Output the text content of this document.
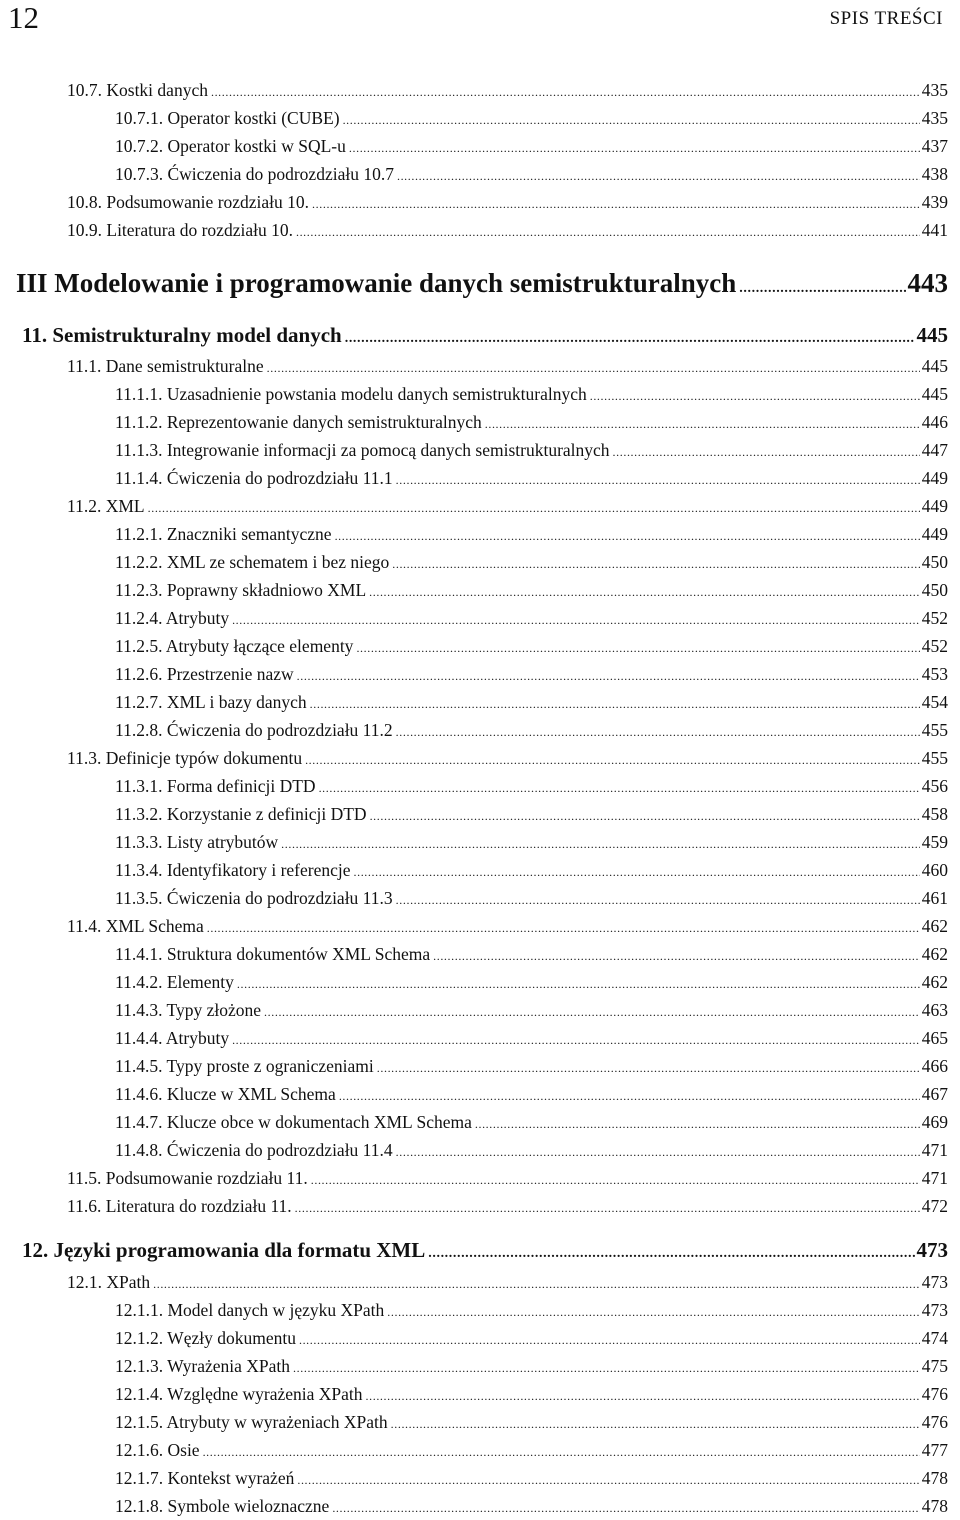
12	SPIS TREŚCI
10.7. Kostki danych .....	435
10.7.1. Operator kostki (CUBE) .....	435
10.7.2. Operator kostki w SQL-u .....	437
10.7.3. Ćwiczenia do podrozdziału 10.7 .....	438
10.8. Podsumowanie rozdziału 10. .....	439
10.9. Literatura do rozdziału 10. .....	441
III Modelowanie i programowanie danych semistrukturalnych .....	443
11. Semistrukturalny model danych .....	445
11.1. Dane semistrukturalne .....	445
11.1.1. Uzasadnienie powstania modelu danych semistrukturalnych .....	445
11.1.2. Reprezentowanie danych semistrukturalnych .....	446
11.1.3. Integrowanie informacji za pomocą danych semistrukturalnych .....	447
11.1.4. Ćwiczenia do podrozdziału 11.1 .....	449
11.2. XML .....	449
11.2.1. Znaczniki semantyczne .....	449
11.2.2. XML ze schematem i bez niego .....	450
11.2.3. Poprawny składniowo XML .....	450
11.2.4. Atrybuty .....	452
11.2.5. Atrybuty łączące elementy .....	452
11.2.6. Przestrzenie nazw .....	453
11.2.7. XML i bazy danych .....	454
11.2.8. Ćwiczenia do podrozdziału 11.2 .....	455
11.3. Definicje typów dokumentu .....	455
11.3.1. Forma definicji DTD .....	456
11.3.2. Korzystanie z definicji DTD .....	458
11.3.3. Listy atrybutów .....	459
11.3.4. Identyfikatory i referencje .....	460
11.3.5. Ćwiczenia do podrozdziału 11.3 .....	461
11.4. XML Schema .....	462
11.4.1. Struktura dokumentów XML Schema .....	462
11.4.2. Elementy .....	462
11.4.3. Typy złożone .....	463
11.4.4. Atrybuty .....	465
11.4.5. Typy proste z ograniczeniami .....	466
11.4.6. Klucze w XML Schema .....	467
11.4.7. Klucze obce w dokumentach XML Schema .....	469
11.4.8. Ćwiczenia do podrozdziału 11.4 .....	471
11.5. Podsumowanie rozdziału 11. .....	471
11.6. Literatura do rozdziału 11. .....	472
12. Języki programowania dla formatu XML .....	473
12.1. XPath .....	473
12.1.1. Model danych w języku XPath .....	473
12.1.2. Węzły dokumentu .....	474
12.1.3. Wyrażenia XPath .....	475
12.1.4. Względne wyrażenia XPath .....	476
12.1.5. Atrybuty w wyrażeniach XPath .....	476
12.1.6. Osie .....	477
12.1.7. Kontekst wyrażeń .....	478
12.1.8. Symbole wieloznaczne .....	478
